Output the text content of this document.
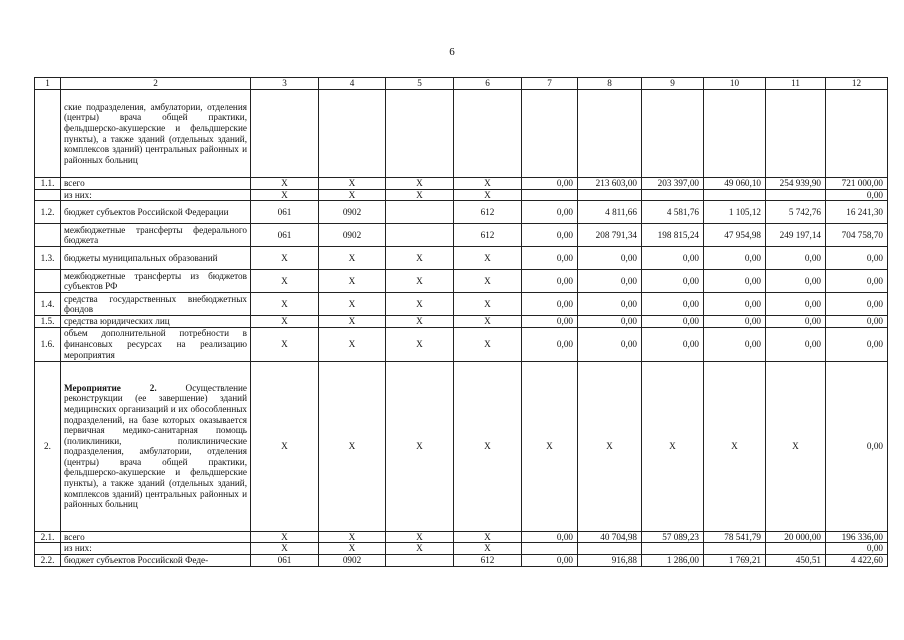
6
1	2	3	4	5	6	7	8	9	10	11	12
	ские подразделения, амбулатории, отделения (центры) врача общей практики, фельдшерско-акушерские и фельдшерские пункты), а также зданий (отдельных зданий, комплексов зданий) центральных районных и районных больниц										
1.1.	всего	X	X	X	X	0,00	213 603,00	203 397,00	49 060,10	254 939,90	721 000,00
	из них:	X	X	X	X						0,00
1.2.	бюджет субъектов Российской Федерации	061	0902		612	0,00	4 811,66	4 581,76	1 105,12	5 742,76	16 241,30
	межбюджетные трансферты федерального бюджета	061	0902		612	0,00	208 791,34	198 815,24	47 954,98	249 197,14	704 758,70
1.3.	бюджеты муниципальных образований	X	X	X	X	0,00	0,00	0,00	0,00	0,00	0,00
	межбюджетные трансферты из бюджетов субъектов РФ	X	X	X	X	0,00	0,00	0,00	0,00	0,00	0,00
1.4.	средства государственных внебюджетных фондов	X	X	X	X	0,00	0,00	0,00	0,00	0,00	0,00
1.5.	средства юридических лиц	X	X	X	X	0,00	0,00	0,00	0,00	0,00	0,00
1.6.	объем дополнительной потребности в финансовых ресурсах на реализацию мероприятия	X	X	X	X	0,00	0,00	0,00	0,00	0,00	0,00
2.	Мероприятие 2. Осуществление реконструкции (ее завершение) зданий медицинских организаций и их обособленных подразделений, на базе которых оказывается первичная медико-санитарная помощь (поликлиники, поликлинические подразделения, амбулатории, отделения (центры) врача общей практики, фельдшерско-акушерские и фельдшерские пункты), а также зданий (отдельных зданий, комплексов зданий) центральных районных и районных больниц	X	X	X	X	X	X	X	X	X	0,00
2.1.	всего	X	X	X	X	0,00	40 704,98	57 089,23	78 541,79	20 000,00	196 336,00
	из них:	X	X	X	X						0,00
2.2.	бюджет субъектов Российской Феде-	061	0902		612	0,00	916,88	1 286,00	1 769,21	450,51	4 422,60
